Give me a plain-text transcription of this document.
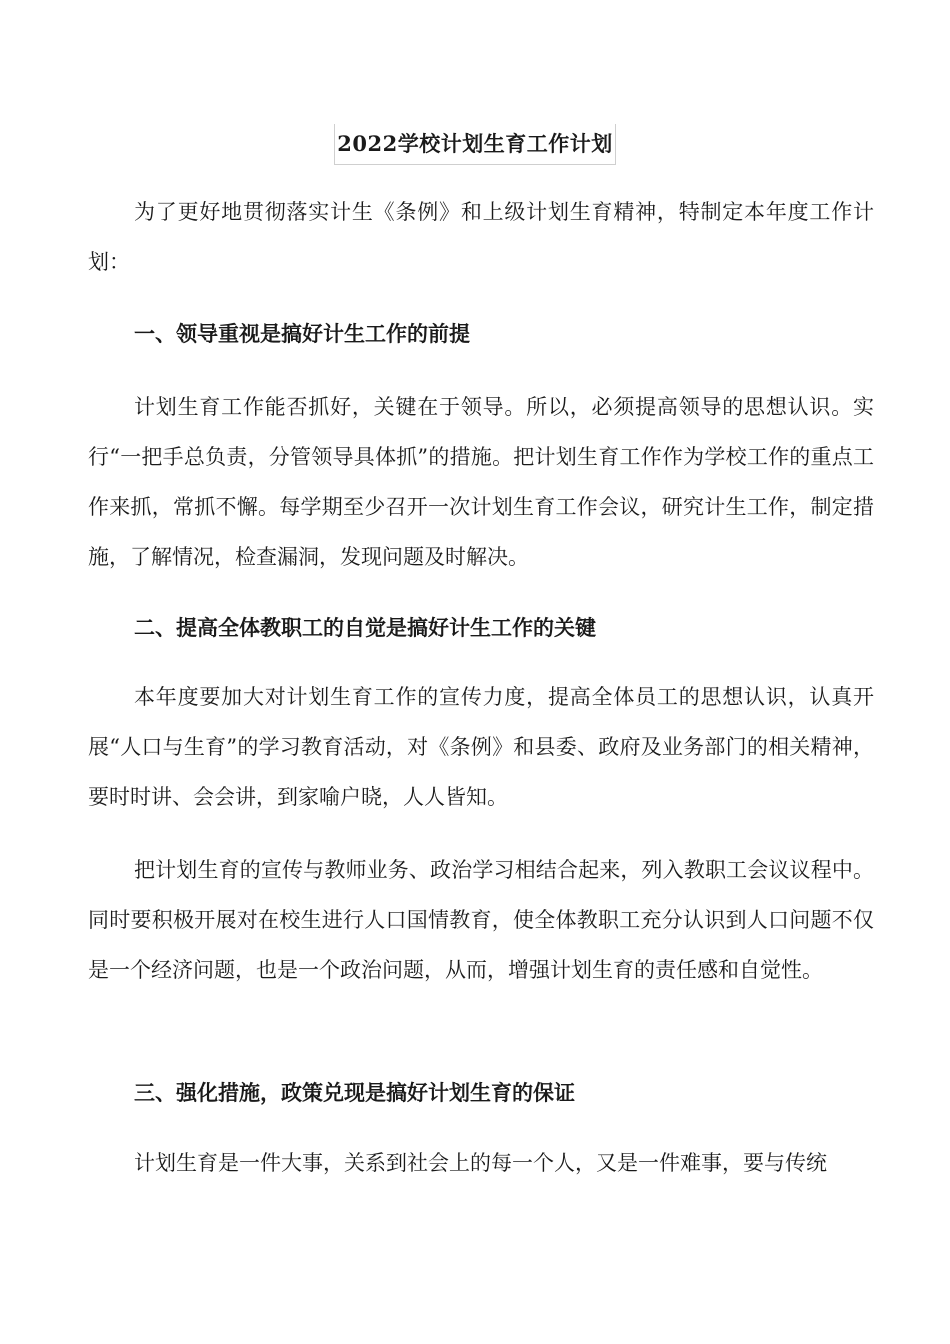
2022学校计划生育工作计划

为了更好地贯彻落实计生《条例》和上级计划生育精神，特制定本年度工作计划：

一、领导重视是搞好计生工作的前提

计划生育工作能否抓好，关键在于领导。所以，必须提高领导的思想认识。实行“一把手总负责，分管领导具体抓”的措施。把计划生育工作作为学校工作的重点工作来抓，常抓不懈。每学期至少召开一次计划生育工作会议，研究计生工作，制定措施，了解情况，检查漏洞，发现问题及时解决。

二、提高全体教职工的自觉是搞好计生工作的关键

本年度要加大对计划生育工作的宣传力度，提高全体员工的思想认识，认真开展“人口与生育”的学习教育活动，对《条例》和县委、政府及业务部门的相关精神，要时时讲、会会讲，到家喻户晓，人人皆知。

把计划生育的宣传与教师业务、政治学习相结合起来，列入教职工会议议程中。同时要积极开展对在校生进行人口国情教育，使全体教职工充分认识到人口问题不仅是一个经济问题，也是一个政治问题，从而，增强计划生育的责任感和自觉性。

三、强化措施，政策兑现是搞好计划生育的保证

计划生育是一件大事，关系到社会上的每一个人，又是一件难事，要与传统
